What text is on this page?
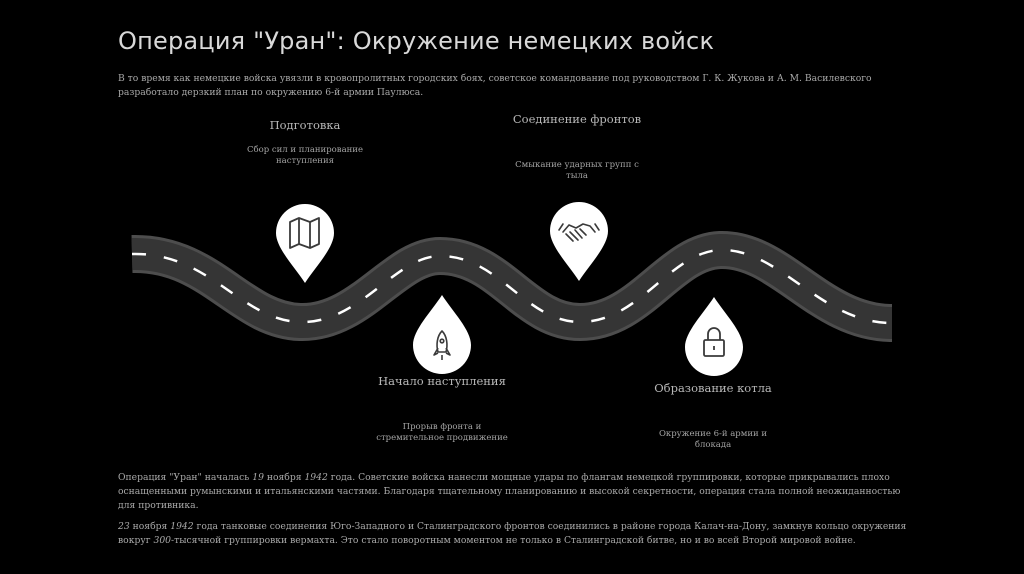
Операция "Уран": Окружение немецких войск
В то время как немецкие войска увязли в кровопролитных городских боях, советское командование под руководством Г. К. Жукова и А. М. Василевского разработало дерзкий план по окружению 6-й армии Паулюса.
Подготовка
Сбор сил и планирование
наступления
Начало наступления
Прорыв фронта и
стремительное продвижение
Соединение фронтов
Смыкание ударных групп с
тыла
Образование котла
Окружение 6-й армии и
блокада
Операция "Уран" началась 19 ноября 1942 года. Советские войска нанесли мощные удары по флангам немецкой группировки, которые прикрывались плохо оснащенными румынскими и итальянскими частями. Благодаря тщательному планированию и высокой секретности, операция стала полной неожиданностью для противника.
23 ноября 1942 года танковые соединения Юго-Западного и Сталинградского фронтов соединились в районе города Калач-на-Дону, замкнув кольцо окружения вокруг 300-тысячной группировки вермахта. Это стало поворотным моментом не только в Сталинградской битве, но и во всей Второй мировой войне.
